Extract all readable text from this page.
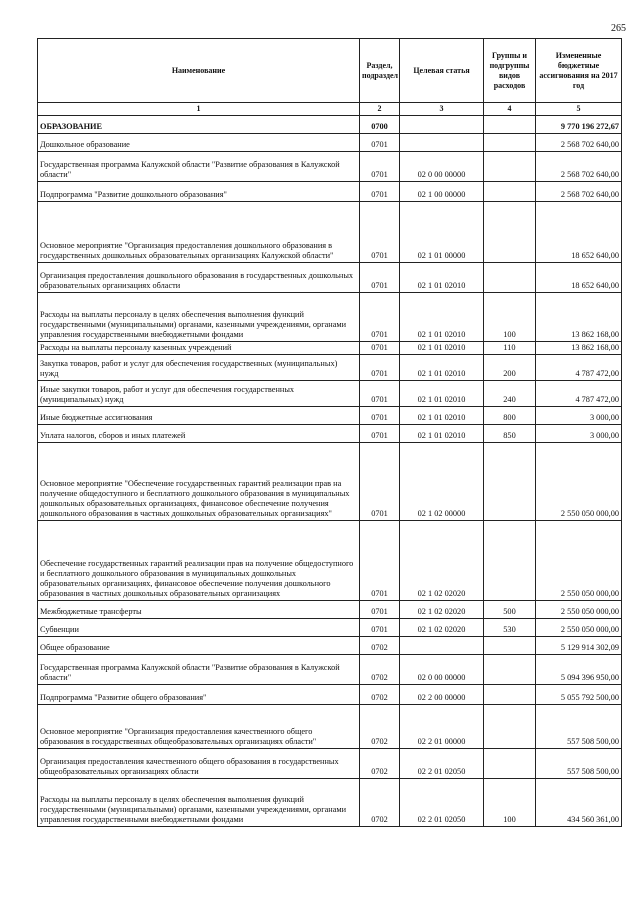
265
Наименование	Раздел, подраздел	Целевая статья	Группы и подгруппы видов расходов	Измененные бюджетные ассигнования на 2017 год
1	2	3	4	5
ОБРАЗОВАНИЕ	0700			9 770 196 272,67
Дошкольное образование	0701			2 568 702 640,00
Государственная программа Калужской области "Развитие образования в Калужской области"	0701	02 0 00 00000		2 568 702 640,00
Подпрограмма "Развитие дошкольного образования"	0701	02 1 00 00000		2 568 702 640,00
Основное мероприятие "Организация предоставления дошкольного образования в государственных дошкольных образовательных организациях Калужской области"	0701	02 1 01 00000		18 652 640,00
Организация предоставления дошкольного образования в государственных дошкольных образовательных организациях области	0701	02 1 01 02010		18 652 640,00
Расходы на выплаты персоналу в целях обеспечения выполнения функций государственными (муниципальными) органами, казенными учреждениями, органами управления государственными внебюджетными фондами	0701	02 1 01 02010	100	13 862 168,00
Расходы на выплаты персоналу казенных учреждений	0701	02 1 01 02010	110	13 862 168,00
Закупка товаров, работ и услуг для обеспечения государственных (муниципальных) нужд	0701	02 1 01 02010	200	4 787 472,00
Иные закупки товаров, работ и услуг для обеспечения государственных (муниципальных) нужд	0701	02 1 01 02010	240	4 787 472,00
Иные бюджетные ассигнования	0701	02 1 01 02010	800	3 000,00
Уплата налогов, сборов и иных платежей	0701	02 1 01 02010	850	3 000,00
Основное мероприятие "Обеспечение государственных гарантий реализации прав на получение общедоступного и бесплатного дошкольного образования в муниципальных дошкольных образовательных организациях, финансовое обеспечение получения дошкольного образования в частных дошкольных образовательных организациях"	0701	02 1 02 00000		2 550 050 000,00
Обеспечение государственных гарантий реализации прав на получение общедоступного и бесплатного дошкольного образования в муниципальных дошкольных образовательных организациях, финансовое обеспечение получения дошкольного образования в частных дошкольных образовательных организациях	0701	02 1 02 02020		2 550 050 000,00
Межбюджетные трансферты	0701	02 1 02 02020	500	2 550 050 000,00
Субвенции	0701	02 1 02 02020	530	2 550 050 000,00
Общее образование	0702			5 129 914 302,09
Государственная программа Калужской области "Развитие образования в Калужской области"	0702	02 0 00 00000		5 094 396 950,00
Подпрограмма "Развитие общего образования"	0702	02 2 00 00000		5 055 792 500,00
Основное мероприятие "Организация предоставления качественного общего образования в государственных общеобразовательных организациях области"	0702	02 2 01 00000		557 508 500,00
Организация предоставления качественного общего образования в государственных общеобразовательных организациях области	0702	02 2 01 02050		557 508 500,00
Расходы на выплаты персоналу в целях обеспечения выполнения функций государственными (муниципальными) органами, казенными учреждениями, органами управления государственными внебюджетными фондами	0702	02 2 01 02050	100	434 560 361,00
